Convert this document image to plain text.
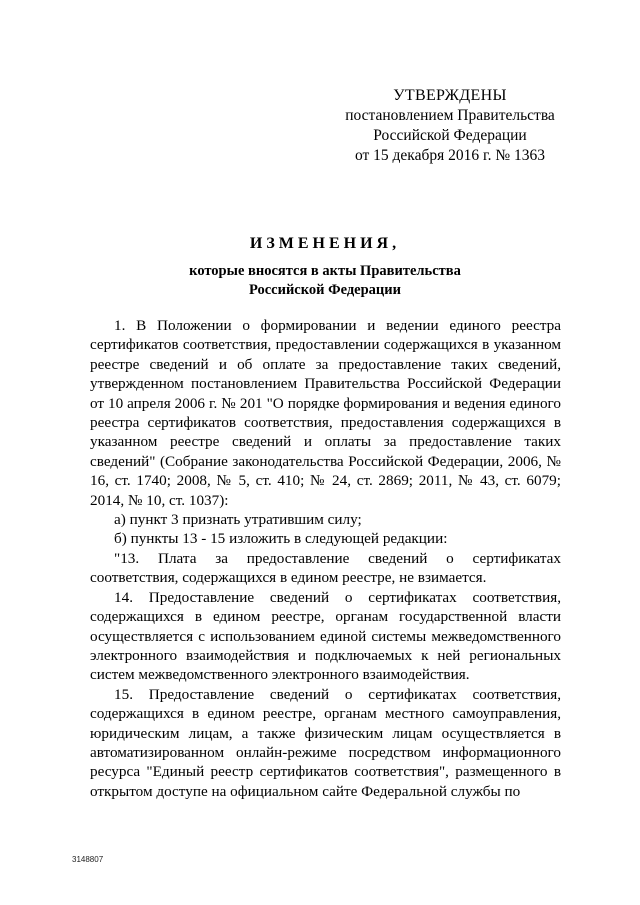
УТВЕРЖДЕНЫ
постановлением Правительства
Российской Федерации
от 15 декабря 2016 г. № 1363
ИЗМЕНЕНИЯ,
которые вносятся в акты Правительства
Российской Федерации

1. В Положении о формировании и ведении единого реестра сертификатов соответствия, предоставлении содержащихся в указанном реестре сведений и об оплате за предоставление таких сведений, утвержденном постановлением Правительства Российской Федерации от 10 апреля 2006 г. № 201 "О порядке формирования и ведения единого реестра сертификатов соответствия, предоставления содержащихся в указанном реестре сведений и оплаты за предоставление таких сведений" (Собрание законодательства Российской Федерации, 2006, № 16, ст. 1740; 2008, № 5, ст. 410; № 24, ст. 2869; 2011, № 43, ст. 6079; 2014, № 10, ст. 1037):

а) пункт 3 признать утратившим силу;

б) пункты 13 - 15 изложить в следующей редакции:

"13. Плата за предоставление сведений о сертификатах соответствия, содержащихся в едином реестре, не взимается.

14. Предоставление сведений о сертификатах соответствия, содержащихся в едином реестре, органам государственной власти осуществляется с использованием единой системы межведомственного электронного взаимодействия и подключаемых к ней региональных систем межведомственного электронного взаимодействия.

15. Предоставление сведений о сертификатах соответствия, содержащихся в едином реестре, органам местного самоуправления, юридическим лицам, а также физическим лицам осуществляется в автоматизированном онлайн-режиме посредством информационного ресурса "Единый реестр сертификатов соответствия", размещенного в открытом доступе на официальном сайте Федеральной службы по

3148807
